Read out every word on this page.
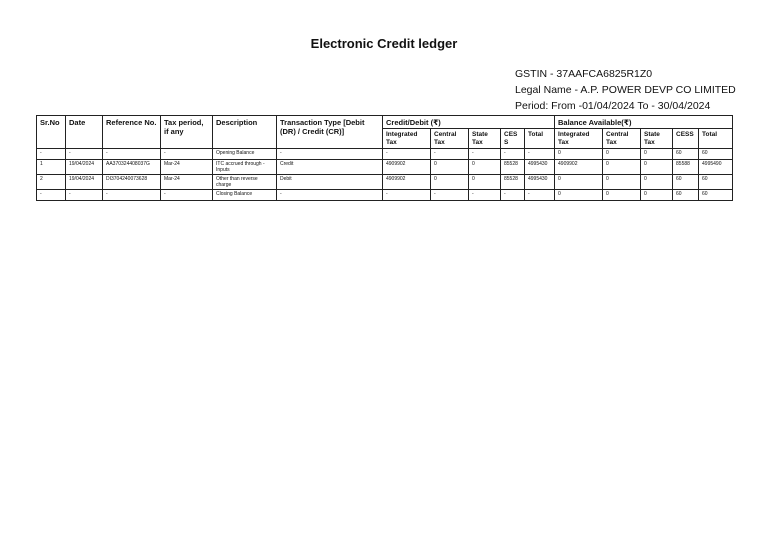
Electronic Credit ledger
GSTIN - 37AAFCA6825R1Z0
Legal Name - A.P. POWER DEVP CO LIMITED
Period: From -01/04/2024 To - 30/04/2024
Sr.No	Date	Reference No.	Tax period, if any	Description	Transaction Type [Debit (DR) / Credit (CR)]	Credit/Debit (₹)					Balance Available(₹)				
						Integrated Tax	Central Tax	State Tax	CESS	Total	Integrated Tax	Central Tax	State Tax	CESS	Total
-	-	-	-	Opening Balance	-	-	-	-	-	-	0	0	0	60	60
1	19/04/2024	AA370324408037G	Mar-24	ITC accrued through - Inputs	Credit	4909902	0	0	85528	4995430	4909902	0	0	85588	4995490
2	19/04/2024	DI3704240073628	Mar-24	Other than reverse charge	Debit	4909902	0	0	85528	4995430	0	0	0	60	60
-	-	-	-	Closing Balance	-	-	-	-	-	-	0	0	0	60	60
